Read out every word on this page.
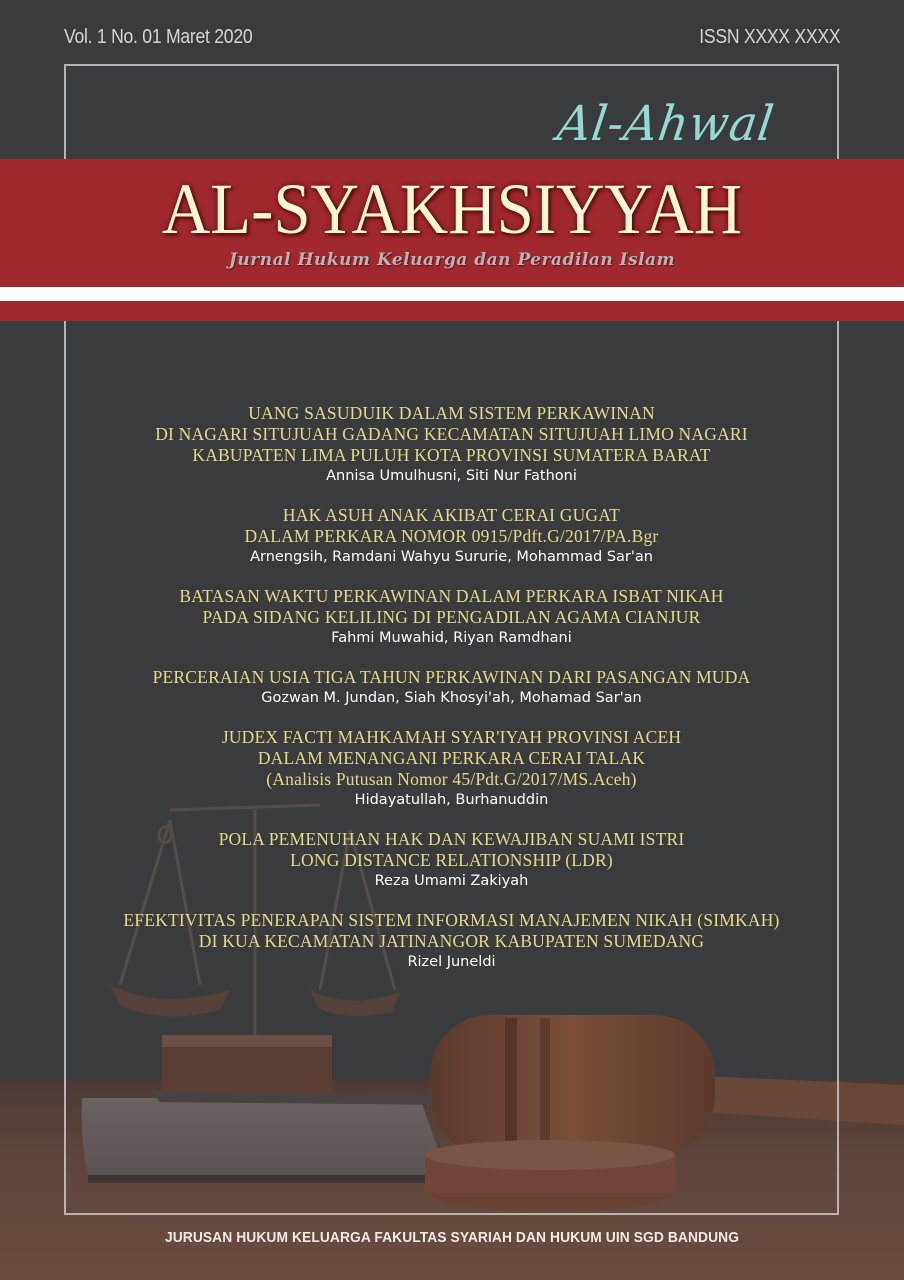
Vol. 1 No. 01 Maret 2020	ISSN XXXX XXXX
Al-Ahwal
AL-SYAKHSIYYAH
Jurnal Hukum Keluarga dan Peradilan Islam
UANG SASUDUIK DALAM SISTEM PERKAWINAN
DI NAGARI SITUJUAH GADANG KECAMATAN SITUJUAH LIMO NAGARI
KABUPATEN LIMA PULUH KOTA PROVINSI SUMATERA BARAT
Annisa Umulhusni, Siti Nur Fathoni
HAK ASUH ANAK AKIBAT CERAI GUGAT
DALAM PERKARA NOMOR 0915/Pdft.G/2017/PA.Bgr
Arnengsih, Ramdani Wahyu Sururie, Mohammad Sar'an
BATASAN WAKTU PERKAWINAN DALAM PERKARA ISBAT NIKAH
PADA SIDANG KELILING DI PENGADILAN AGAMA CIANJUR
Fahmi Muwahid, Riyan Ramdhani
PERCERAIAN USIA TIGA TAHUN PERKAWINAN DARI PASANGAN MUDA
Gozwan M. Jundan, Siah Khosyi'ah, Mohamad Sar'an
JUDEX FACTI MAHKAMAH SYAR'IYAH PROVINSI ACEH
DALAM MENANGANI PERKARA CERAI TALAK
(Analisis Putusan Nomor 45/Pdt.G/2017/MS.Aceh)
Hidayatullah, Burhanuddin
POLA PEMENUHAN HAK DAN KEWAJIBAN SUAMI ISTRI
LONG DISTANCE RELATIONSHIP (LDR)
Reza Umami Zakiyah
EFEKTIVITAS PENERAPAN SISTEM INFORMASI MANAJEMEN NIKAH (SIMKAH)
DI KUA KECAMATAN JATINANGOR KABUPATEN SUMEDANG
Rizel Juneldi
JURUSAN HUKUM KELUARGA FAKULTAS SYARIAH DAN HUKUM UIN SGD BANDUNG
